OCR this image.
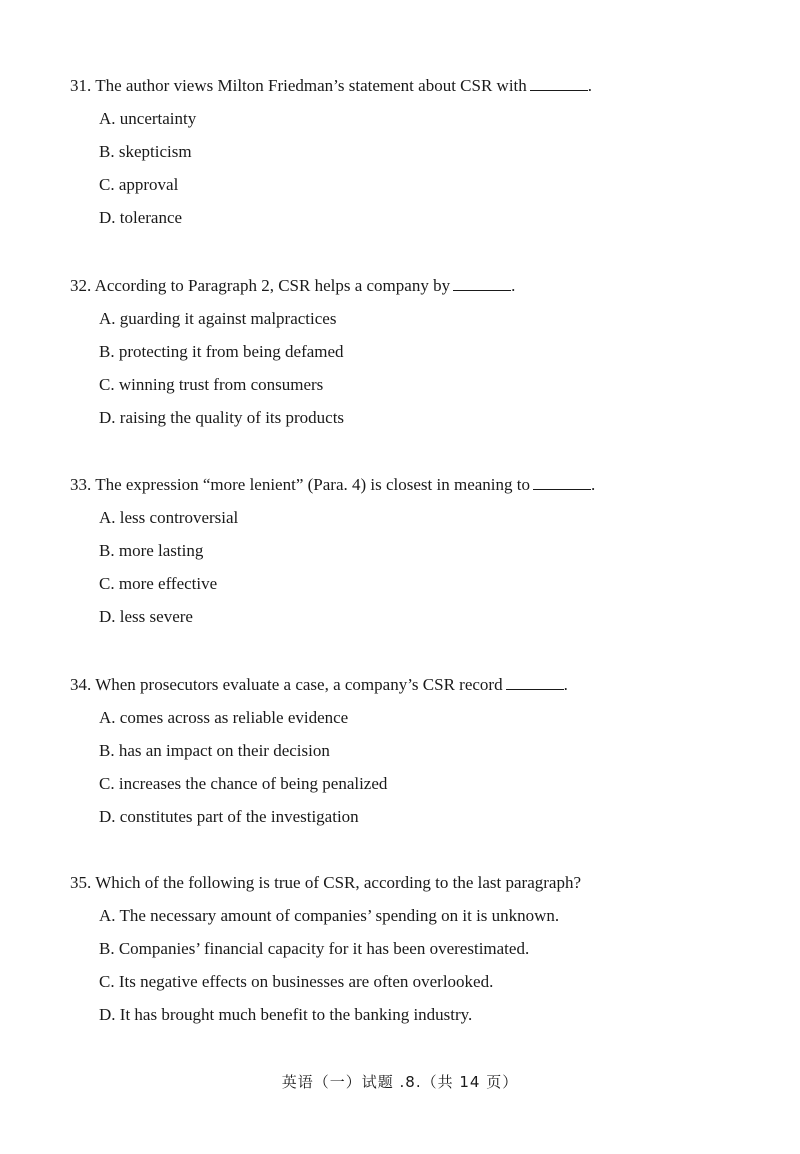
31. The author views Milton Friedman’s statement about CSR with	.
A. uncertainty
B. skepticism
C. approval
D. tolerance
32. According to Paragraph 2, CSR helps a company by	.
A. guarding it against malpractices
B. protecting it from being defamed
C. winning trust from consumers
D. raising the quality of its products
33. The expression “more lenient” (Para. 4) is closest in meaning to	.
A. less controversial
B. more lasting
C. more effective
D. less severe
34. When prosecutors evaluate a case, a company’s CSR record	.
A. comes across as reliable evidence
B. has an impact on their decision
C. increases the chance of being penalized
D. constitutes part of the investigation
35. Which of the following is true of CSR, according to the last paragraph?
A. The necessary amount of companies’ spending on it is unknown.
B. Companies’ financial capacity for it has been overestimated.
C. Its negative effects on businesses are often overlooked.
D. It has brought much benefit to the banking industry.
英语（一）试题 .8.（共 14 页）
